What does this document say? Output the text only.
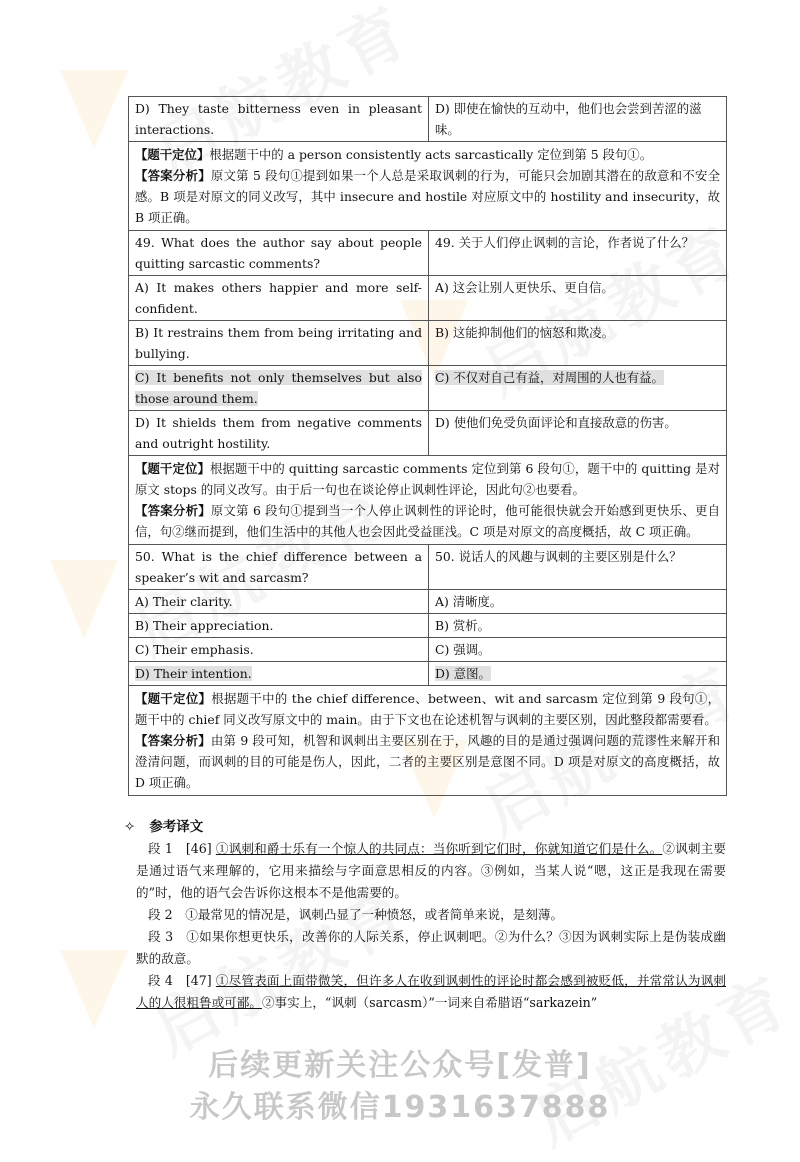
D) They taste bitterness even in pleasant interactions.	D) 即使在愉快的互动中，他们也会尝到苦涩的滋味。
【题干定位】根据题干中的 a person consistently acts sarcastically 定位到第 5 段句①。
【答案分析】原文第 5 段句①提到如果一个人总是采取讽刺的行为，可能只会加剧其潜在的敌意和不安全感。B 项是对原文的同义改写，其中 insecure and hostile 对应原文中的 hostility and insecurity，故 B 项正确。	
49. What does the author say about people quitting sarcastic comments?	49. 关于人们停止讽刺的言论，作者说了什么？
A) It makes others happier and more self-confident.	A) 这会让别人更快乐、更自信。
B) It restrains them from being irritating and bullying.	B) 这能抑制他们的恼怒和欺凌。
C) It benefits not only themselves but also those around them.	C) 不仅对自己有益，对周围的人也有益。
D) It shields them from negative comments and outright hostility.	D) 使他们免受负面评论和直接敌意的伤害。
【题干定位】根据题干中的 quitting sarcastic comments 定位到第 6 段句①，题干中的 quitting 是对原文 stops 的同义改写。由于后一句也在谈论停止讽刺性评论，因此句②也要看。
【答案分析】原文第 6 段句①提到当一个人停止讽刺性的评论时，他可能很快就会开始感到更快乐、更自信，句②继而提到，他们生活中的其他人也会因此受益匪浅。C 项是对原文的高度概括，故 C 项正确。	
50. What is the chief difference between a speaker’s wit and sarcasm?	50. 说话人的风趣与讽刺的主要区别是什么？
A) Their clarity.	A) 清晰度。
B) Their appreciation.	B) 赏析。
C) Their emphasis.	C) 强调。
D) Their intention.	D) 意图。
【题干定位】根据题干中的 the chief difference、between、wit and sarcasm 定位到第 9 段句①，题干中的 chief 同义改写原文中的 main。由于下文也在论述机智与讽刺的主要区别，因此整段都需要看。
【答案分析】由第 9 段可知，机智和讽刺出主要区别在于，风趣的目的是通过强调问题的荒谬性来解开和澄清问题，而讽刺的目的可能是伤人，因此，二者的主要区别是意图不同。D 项是对原文的高度概括，故 D 项正确。	
✧ 参考译文

段 1　[46] ①讽刺和爵士乐有一个惊人的共同点：当你听到它们时，你就知道它们是什么。②讽刺主要是通过语气来理解的，它用来描绘与字面意思相反的内容。③例如，当某人说“嗯，这正是我现在需要的”时，他的语气会告诉你这根本不是他需要的。

段 2　①最常见的情况是，讽刺凸显了一种愤怒，或者简单来说，是刻薄。

段 3　①如果你想更快乐，改善你的人际关系，停止讽刺吧。②为什么？③因为讽刺实际上是伪装成幽默的敌意。

段 4　[47] ①尽管表面上面带微笑，但许多人在收到讽刺性的评论时都会感到被贬低，并常常认为讽刺人的人很粗鲁或可鄙。②事实上，“讽刺（sarcasm）”一词来自希腊语“sarkazein”

后续更新关注公众号[发普]
永久联系微信1931637888
